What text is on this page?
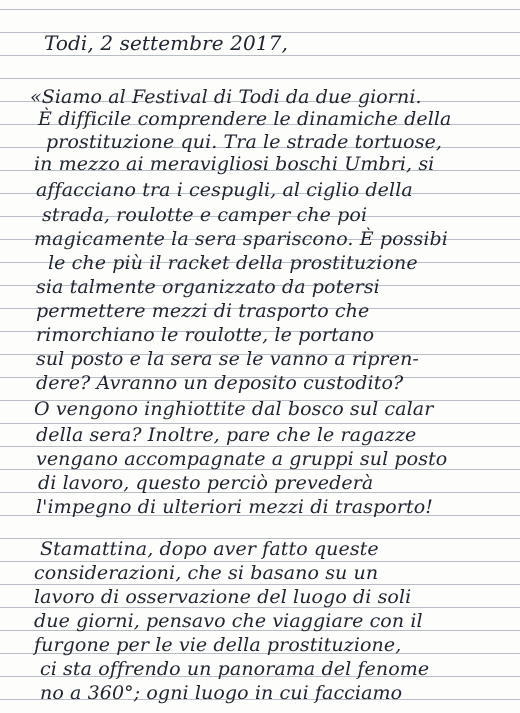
Todi, 2 settembre 2017,
«Siamo al Festival di Todi da due giorni.
È difficile comprendere le dinamiche della
prostituzione qui. Tra le strade tortuose,
in mezzo ai meravigliosi boschi Umbri, si
affacciano tra i cespugli, al ciglio della
strada, roulotte e camper che poi
magicamente la sera spariscono. È possibi
le che più il racket della prostituzione
sia talmente organizzato da potersi
permettere mezzi di trasporto che
rimorchiano le roulotte, le portano
sul posto e la sera se le vanno a ripren-
dere? Avranno un deposito custodito?
O vengono inghiottite dal bosco sul calar
della sera? Inoltre, pare che le ragazze
vengano accompagnate a gruppi sul posto
di lavoro, questo perciò prevederà
l'impegno di ulteriori mezzi di trasporto!
Stamattina, dopo aver fatto queste
considerazioni, che si basano su un
lavoro di osservazione del luogo di soli
due giorni, pensavo che viaggiare con il
furgone per le vie della prostituzione,
ci sta offrendo un panorama del fenome
no a 360°; ogni luogo in cui facciamo
